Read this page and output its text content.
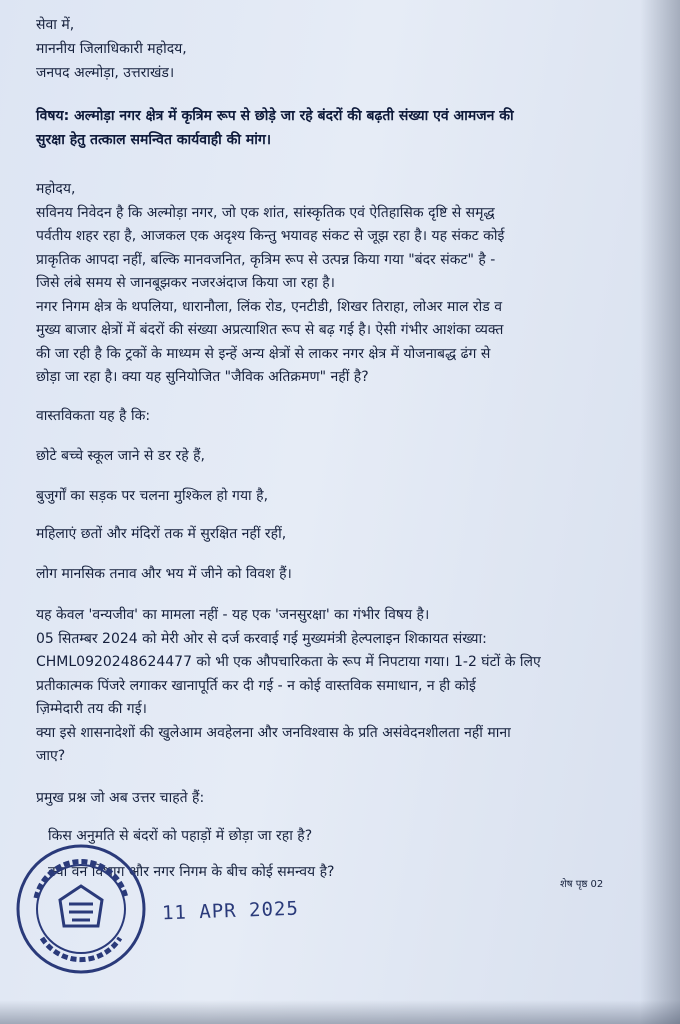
सेवा में,

माननीय जिलाधिकारी महोदय,

जनपद अल्मोड़ा, उत्तराखंड।

विषय: अल्मोड़ा नगर क्षेत्र में कृत्रिम रूप से छोड़े जा रहे बंदरों की बढ़ती संख्या एवं आमजन की

सुरक्षा हेतु तत्काल समन्वित कार्यवाही की मांग।

महोदय,

सविनय निवेदन है कि अल्मोड़ा नगर, जो एक शांत, सांस्कृतिक एवं ऐतिहासिक दृष्टि से समृद्ध

पर्वतीय शहर रहा है, आजकल एक अदृश्य किन्तु भयावह संकट से जूझ रहा है। यह संकट कोई

प्राकृतिक आपदा नहीं, बल्कि मानवजनित, कृत्रिम रूप से उत्पन्न किया गया "बंदर संकट" है -

जिसे लंबे समय से जानबूझकर नजरअंदाज किया जा रहा है।

नगर निगम क्षेत्र के थपलिया, धारानौला, लिंक रोड, एनटीडी, शिखर तिराहा, लोअर माल रोड व

मुख्य बाजार क्षेत्रों में बंदरों की संख्या अप्रत्याशित रूप से बढ़ गई है। ऐसी गंभीर आशंका व्यक्त

की जा रही है कि ट्रकों के माध्यम से इन्हें अन्य क्षेत्रों से लाकर नगर क्षेत्र में योजनाबद्ध ढंग से

छोड़ा जा रहा है। क्या यह सुनियोजित "जैविक अतिक्रमण" नहीं है?

वास्तविकता यह है कि:

छोटे बच्चे स्कूल जाने से डर रहे हैं,

बुजुर्गों का सड़क पर चलना मुश्किल हो गया है,

महिलाएं छतों और मंदिरों तक में सुरक्षित नहीं रहीं,

लोग मानसिक तनाव और भय में जीने को विवश हैं।

यह केवल 'वन्यजीव' का मामला नहीं - यह एक 'जनसुरक्षा' का गंभीर विषय है।

05 सितम्बर 2024 को मेरी ओर से दर्ज करवाई गई मुख्यमंत्री हेल्पलाइन शिकायत संख्या:

CHML0920248624477 को भी एक औपचारिकता के रूप में निपटाया गया। 1-2 घंटों के लिए

प्रतीकात्मक पिंजरे लगाकर खानापूर्ति कर दी गई - न कोई वास्तविक समाधान, न ही कोई

ज़िम्मेदारी तय की गई।

क्या इसे शासनादेशों की खुलेआम अवहेलना और जनविश्वास के प्रति असंवेदनशीलता नहीं माना

जाए?

प्रमुख प्रश्न जो अब उत्तर चाहते हैं:

किस अनुमति से बंदरों को पहाड़ों में छोड़ा जा रहा है?

क्या वन विभाग और नगर निगम के बीच कोई समन्वय है?

शेष पृष्ठ 02

11 APR 2025
